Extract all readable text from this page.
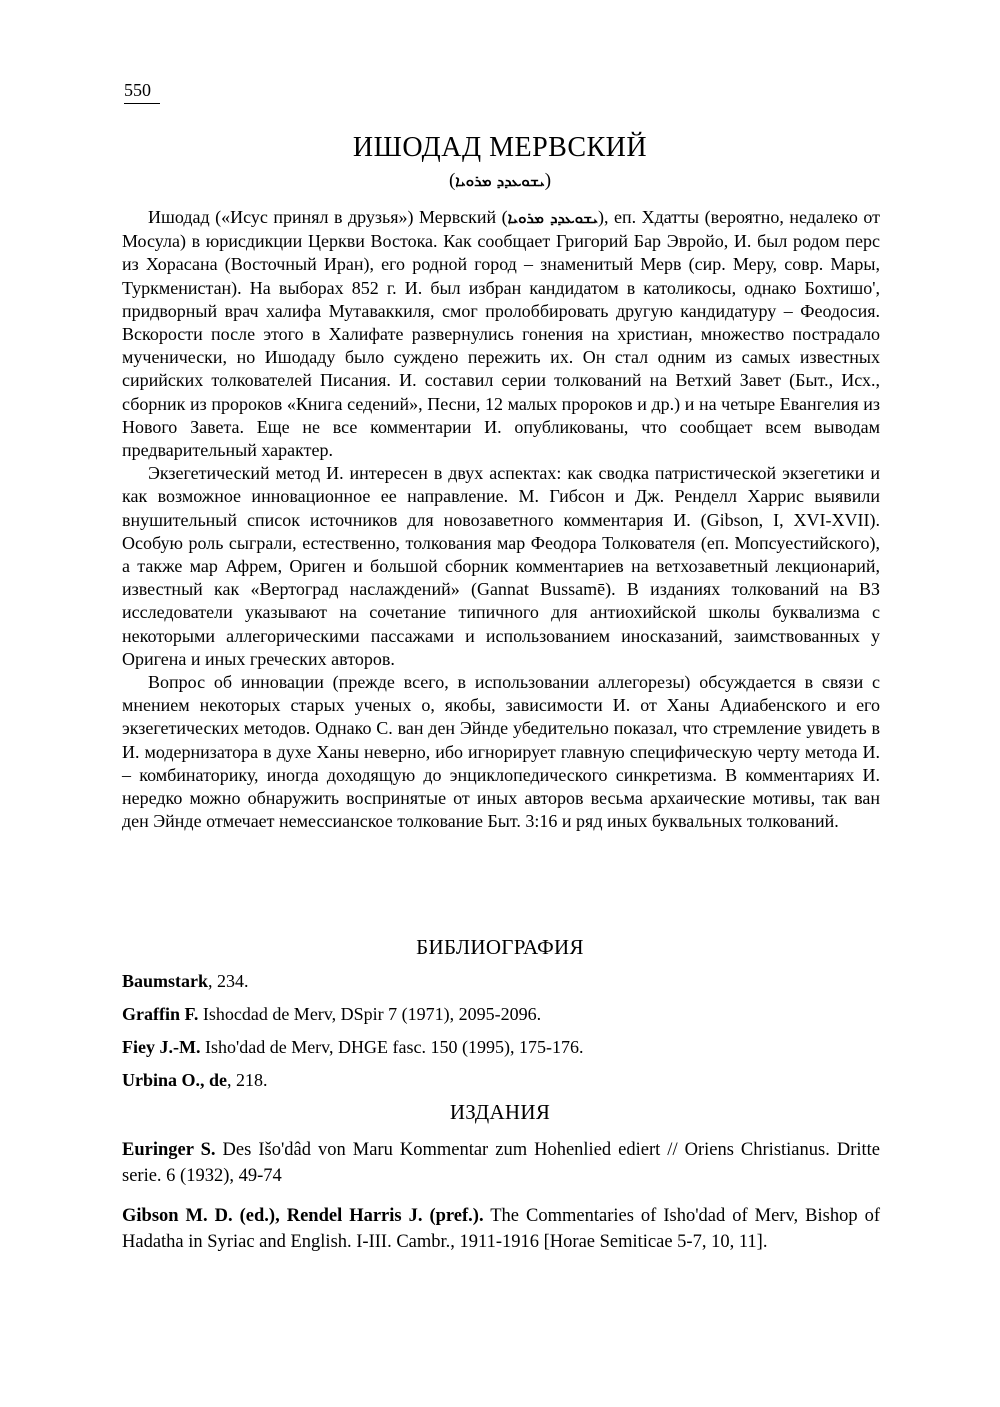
550
ИШОДАД МЕРВСКИЙ
(ܝܫܘܥܕܕ ܡܪܘܝܐ)

Ишодад («Исус принял в друзья») Мервский (ܝܫܘܥܕܕ ܡܪܘܝܐ), еп. Хдатты (вероятно, недалеко от Мосула) в юрисдикции Церкви Востока. Как сообщает Григорий Бар Эвройо, И. был родом перс из Хорасана (Восточный Иран), его родной город – знаменитый Мерв (сир. Меру, совр. Мары, Туркменистан). На выборах 852 г. И. был избран кандидатом в католикосы, однако Бохтишо', придворный врач халифа Мутаваккиля, смог пролоббировать другую кандидатуру – Феодосия. Вскорости после этого в Халифате развернулись гонения на христиан, множество пострадало мученически, но Ишодаду было суждено пережить их. Он стал одним из самых известных сирийских толкователей Писания. И. составил серии толкований на Ветхий Завет (Быт., Исх., сборник из пророков «Книга седений», Песни, 12 малых пророков и др.) и на четыре Евангелия из Нового Завета. Еще не все комментарии И. опубликованы, что сообщает всем выводам предварительный характер.

Экзегетический метод И. интересен в двух аспектах: как сводка патристической экзегетики и как возможное инновационное ее направление. М. Гибсон и Дж. Ренделл Харрис выявили внушительный список источников для новозаветного комментария И. (Gibson, I, XVI-XVII). Особую роль сыграли, естественно, толкования мар Феодора Толкователя (еп. Мопсуестийского), а также мар Афрем, Ориген и большой сборник комментариев на ветхозаветный лекционарий, известный как «Вертоград наслаждений» (Gannat Bussamē). В изданиях толкований на ВЗ исследователи указывают на сочетание типичного для антиохийской школы буквализма с некоторыми аллегорическими пассажами и использованием иносказаний, заимствованных у Оригена и иных греческих авторов.

Вопрос об инновации (прежде всего, в использовании аллегорезы) обсуждается в связи с мнением некоторых старых ученых о, якобы, зависимости И. от Ханы Адиабенского и его экзегетических методов. Однако С. ван ден Эйнде убедительно показал, что стремление увидеть в И. модернизатора в духе Ханы неверно, ибо игнорирует главную специфическую черту метода И. – комбинаторику, иногда доходящую до энциклопедического синкретизма. В комментариях И. нередко можно обнаружить воспринятые от иных авторов весьма архаические мотивы, так ван ден Эйнде отмечает немессианское толкование Быт. 3:16 и ряд иных буквальных толкований.

БИБЛИОГРАФИЯ
Baumstark, 234.
Graffin F. Ishocdad de Merv, DSpir 7 (1971), 2095-2096.
Fiey J.-M. Isho'dad de Merv, DHGE fasc. 150 (1995), 175-176.
Urbina O., de, 218.
ИЗДАНИЯ
Euringer S. Des Išo'dâd von Maru Kommentar zum Hohenlied ediert // Oriens Christianus. Dritte serie. 6 (1932), 49-74
Gibson M. D. (ed.), Rendel Harris J. (pref.). The Commentaries of Isho'dad of Merv, Bishop of Hadatha in Syriac and English. I-III. Cambr., 1911-1916 [Horae Semiticae 5-7, 10, 11].
